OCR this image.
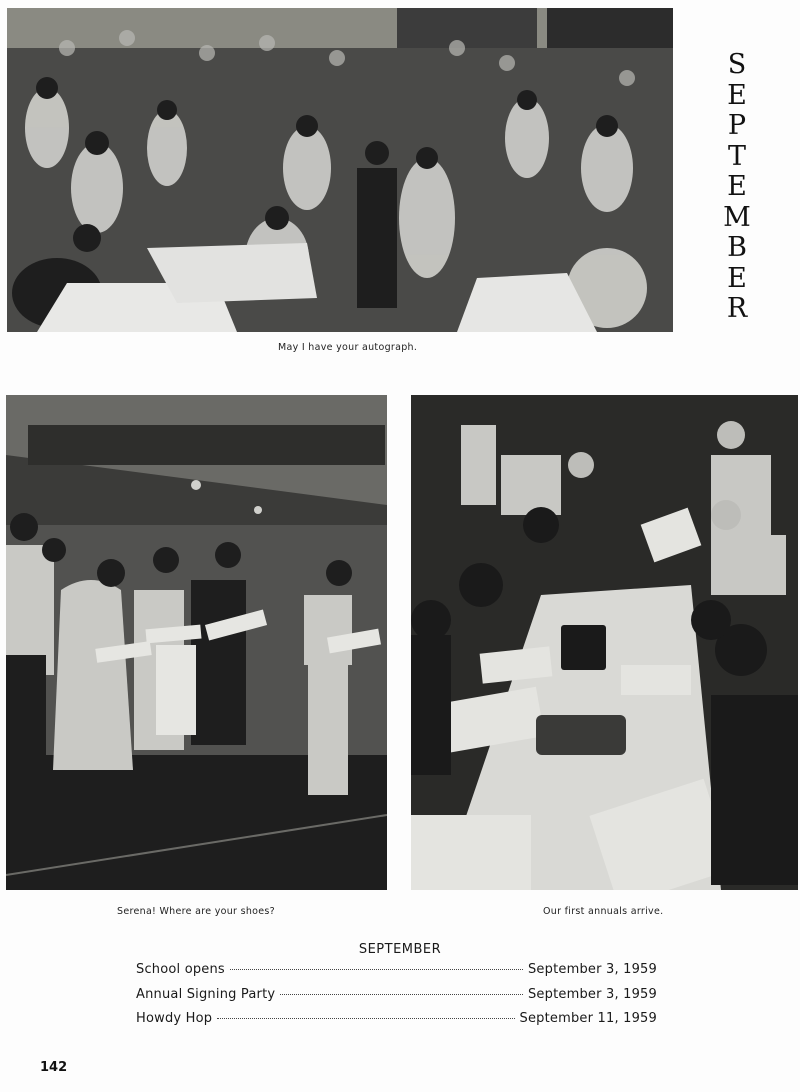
S
E
P
T
E
M
B
E
R
May I have your autograph.
Serena! Where are your shoes?	Our first annuals arrive.
SEPTEMBER
School opens	September 3, 1959
Annual Signing Party	September 3, 1959
Howdy Hop	September 11, 1959
142
